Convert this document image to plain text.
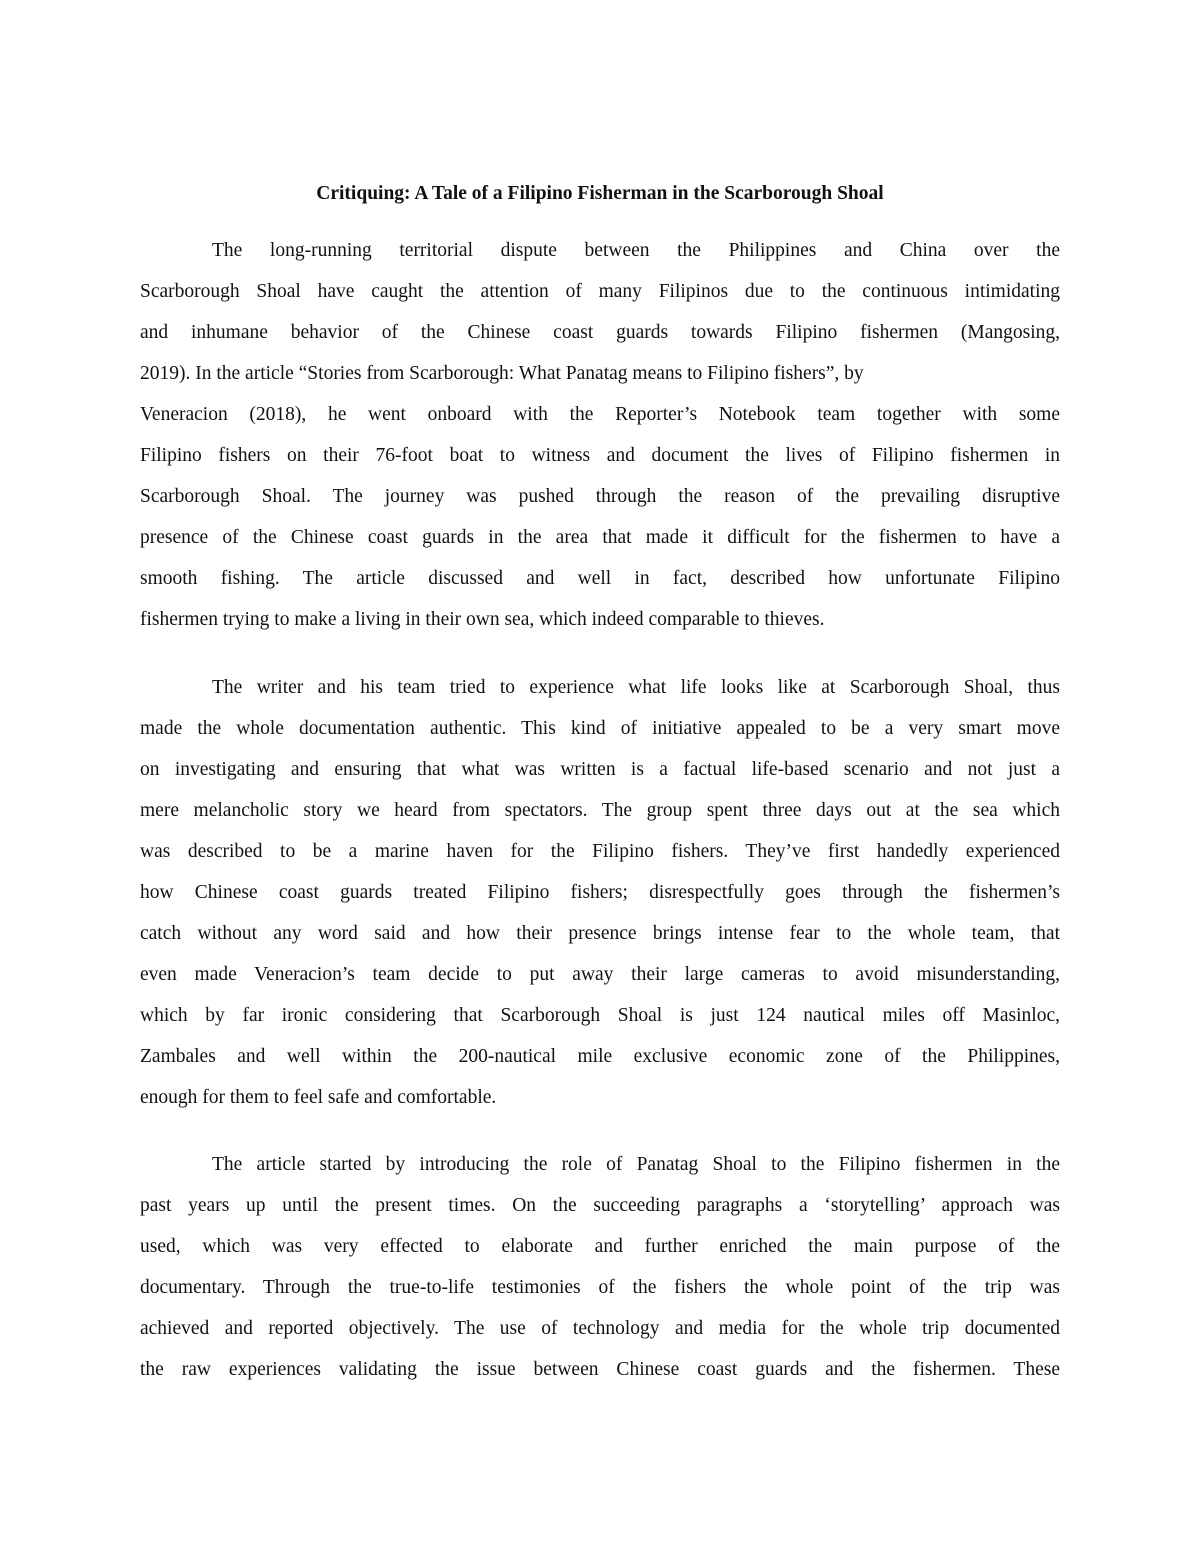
Critiquing: A Tale of a Filipino Fisherman in the Scarborough Shoal

The long-running territorial dispute between the Philippines and China over the

Scarborough Shoal have caught the attention of many Filipinos due to the continuous intimidating

and inhumane behavior of the Chinese coast guards towards Filipino fishermen (Mangosing,

2019). In the article “Stories from Scarborough: What Panatag means to Filipino fishers”, by

Veneracion (2018), he went onboard with the Reporter’s Notebook team together with some

Filipino fishers on their 76-foot boat to witness and document the lives of Filipino fishermen in

Scarborough Shoal. The journey was pushed through the reason of the prevailing disruptive

presence of the Chinese coast guards in the area that made it difficult for the fishermen to have a

smooth fishing. The article discussed and well in fact, described how unfortunate Filipino

fishermen trying to make a living in their own sea, which indeed comparable to thieves.

The writer and his team tried to experience what life looks like at Scarborough Shoal, thus

made the whole documentation authentic. This kind of initiative appealed to be a very smart move

on investigating and ensuring that what was written is a factual life-based scenario and not just a

mere melancholic story we heard from spectators. The group spent three days out at the sea which

was described to be a marine haven for the Filipino fishers. They’ve first handedly experienced

how Chinese coast guards treated Filipino fishers; disrespectfully goes through the fishermen’s

catch without any word said and how their presence brings intense fear to the whole team, that

even made Veneracion’s team decide to put away their large cameras to avoid misunderstanding,

which by far ironic considering that Scarborough Shoal is just 124 nautical miles off Masinloc,

Zambales and well within the 200-nautical mile exclusive economic zone of the Philippines,

enough for them to feel safe and comfortable.

The article started by introducing the role of Panatag Shoal to the Filipino fishermen in the

past years up until the present times. On the succeeding paragraphs a ‘storytelling’ approach was

used, which was very effected to elaborate and further enriched the main purpose of the

documentary. Through the true-to-life testimonies of the fishers the whole point of the trip was

achieved and reported objectively. The use of technology and media for the whole trip documented

the raw experiences validating the issue between Chinese coast guards and the fishermen. These
